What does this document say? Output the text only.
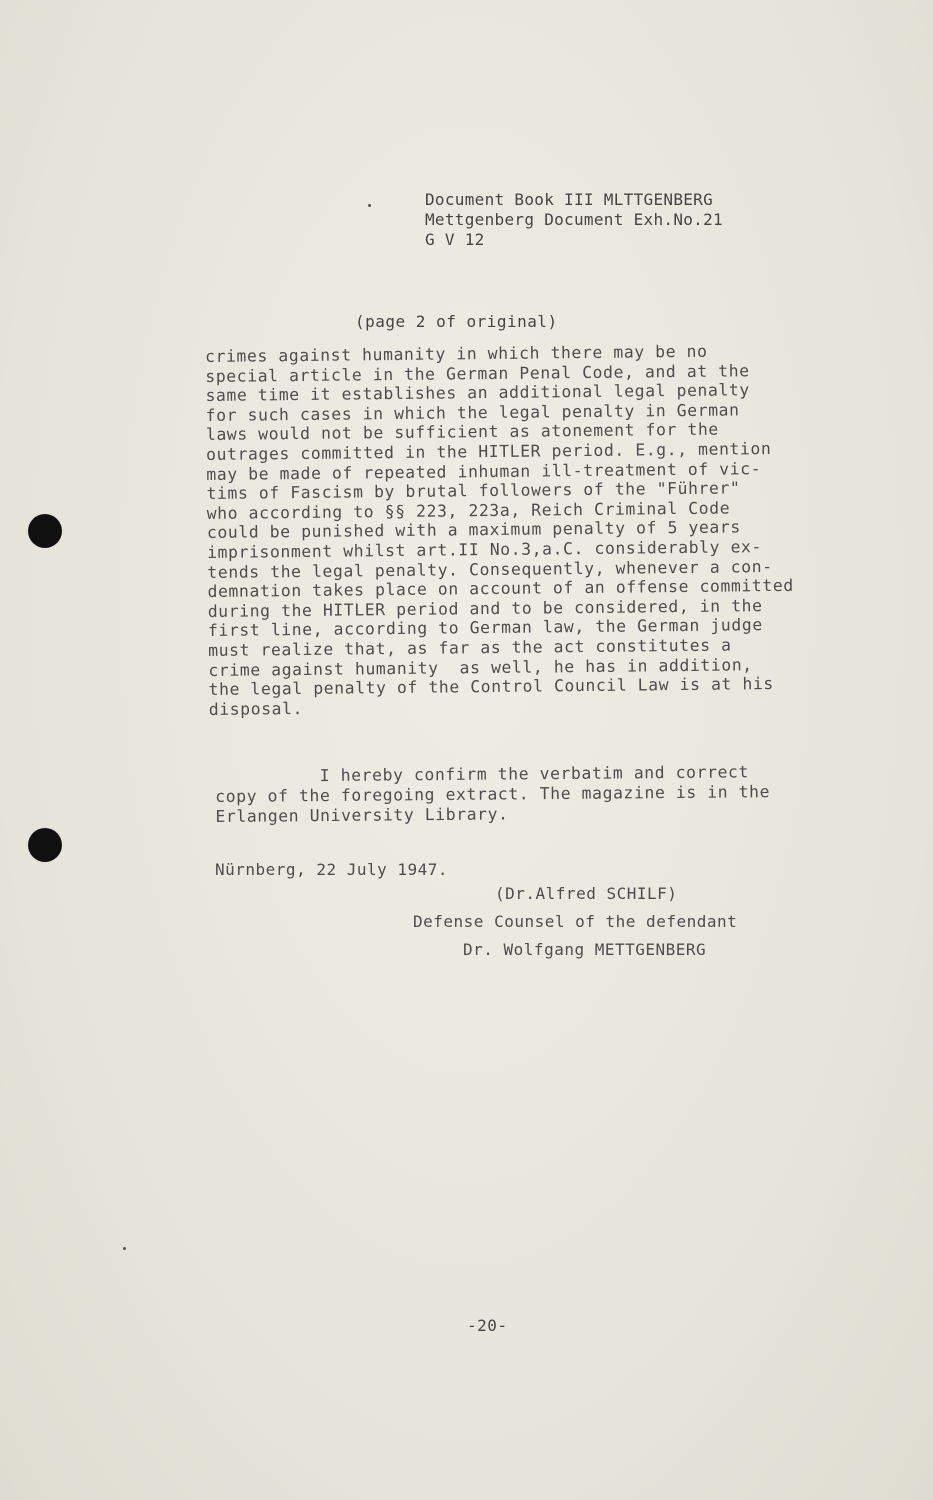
Document Book III MLTTGENBERG
Mettgenberg Document Exh.No.21
G V 12
(page 2 of original)
crimes against humanity in which there may be no
special article in the German Penal Code, and at the
same time it establishes an additional legal penalty
for such cases in which the legal penalty in German
laws would not be sufficient as atonement for the
outrages committed in the HITLER period. E.g., mention
may be made of repeated inhuman ill-treatment of vic-
tims of Fascism by brutal followers of the "Führer"
who according to §§ 223, 223a, Reich Criminal Code
could be punished with a maximum penalty of 5 years
imprisonment whilst art.II No.3,a.C. considerably ex-
tends the legal penalty. Consequently, whenever a con-
demnation takes place on account of an offense committed
during the HITLER period and to be considered, in the
first line, according to German law, the German judge
must realize that, as far as the act constitutes a
crime against humanity  as well, he has in addition,
the legal penalty of the Control Council Law is at his
disposal.
I hereby confirm the verbatim and correct
copy of the foregoing extract. The magazine is in the
Erlangen University Library.
Nürnberg, 22 July 1947.
(Dr.Alfred SCHILF)
Defense Counsel of the defendant
Dr. Wolfgang METTGENBERG
-20-
